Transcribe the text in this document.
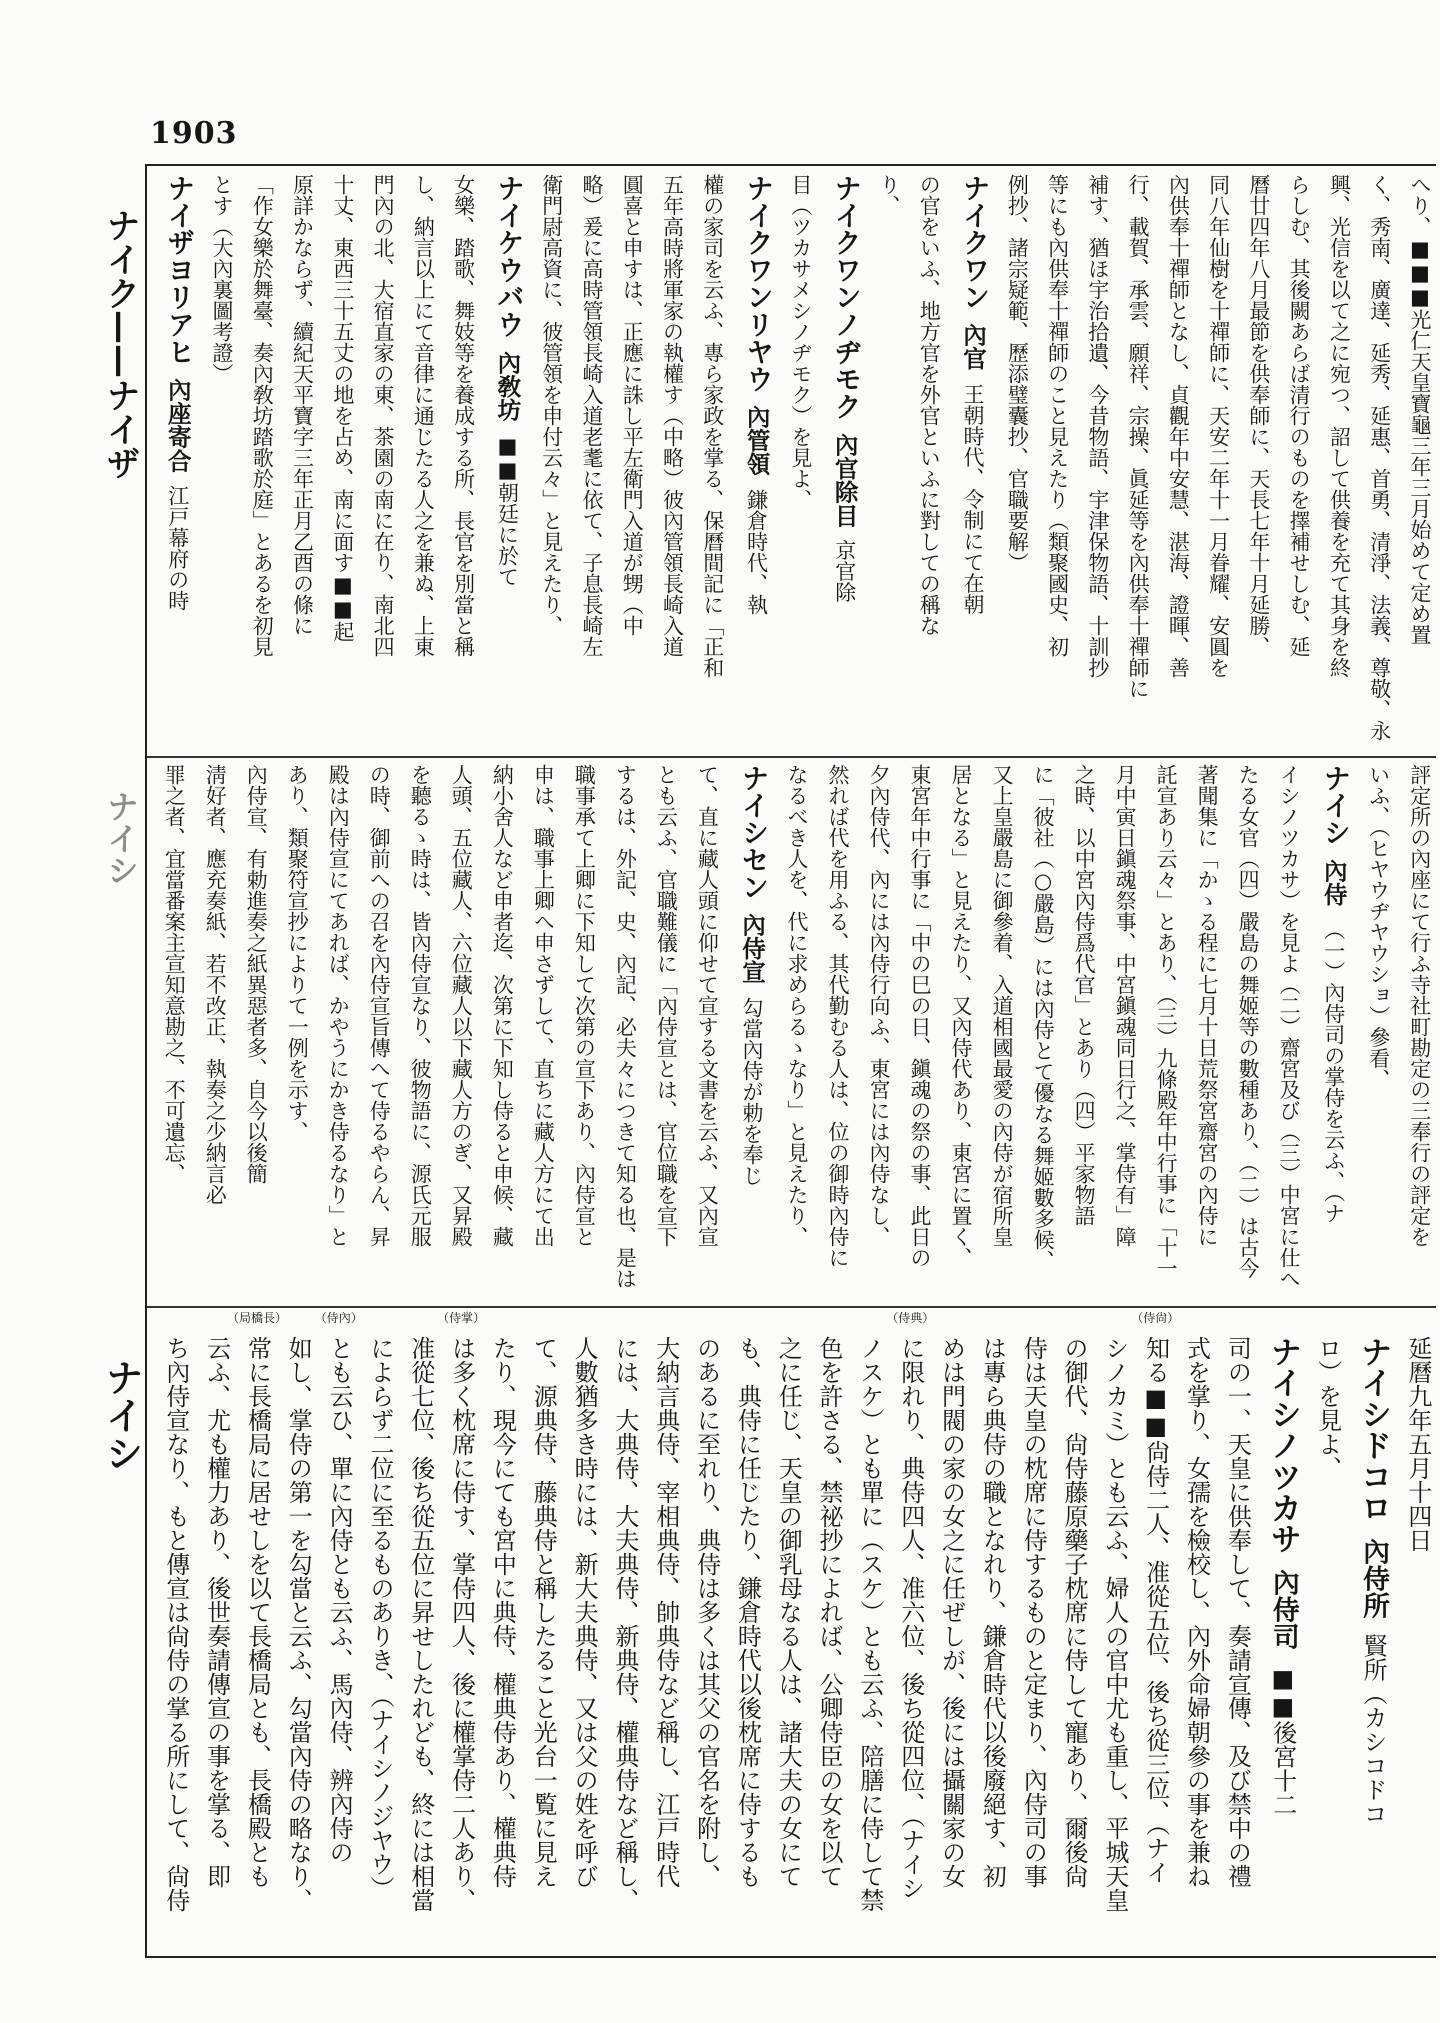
1903
ナイク——ナイザ
ナイシ
ナイシ
へり、■■■光仁天皇寶龜三年三月始めて定め置
く、秀南、廣達、延秀、延惠、首勇、清淨、法義、尊敬、永
興、光信を以て之に宛つ、詔して供養を充て其身を終
らしむ、其後闕あらば清行のものを擇補せしむ、延
曆廿四年八月最節を供奉師に、天長七年十月延勝、
同八年仙樹を十禪師に、天安二年十一月眷耀、安圓を
內供奉十禪師となし、貞觀年中安慧、湛海、證暉、善
行、載賀、承雲、願祥、宗操、眞延等を內供奉十禪師に
補す、猶ほ宇治拾遺、今昔物語、宇津保物語、十訓抄
等にも內供奉十禪師のこと見えたり（類聚國史、初
例抄、諸宗疑範、歷添璧囊抄、官職要解）
ナイクワン內官王朝時代、令制にて在朝
の官をいふ、地方官を外官といふに對しての稱な
り、
ナイクワンノヂモク內官除目京官除
目（ツカサメシノヂモク）を見よ、
ナイクワンリヤウ內管領鎌倉時代、執
權の家司を云ふ、專ら家政を掌る、保曆間記に「正和
五年高時將軍家の執權す（中略）彼內管領長崎入道
圓喜と申すは、正應に誅し平左衛門入道が甥（中
略）爰に高時管領長崎入道老耄に依て、子息長崎左
衛門尉高資に、彼管領を申付云々」と見えたり、
ナイケウバウ內敎坊■■朝廷に於て
女樂、踏歌、舞妓等を養成する所、長官を別當と稱
し、納言以上にて音律に通じたる人之を兼ぬ、上東
門內の北、大宿直家の東、茶園の南に在り、南北四
十丈、東西三十五丈の地を占め、南に面す■■起
原詳かならず、續紀天平寶字三年正月乙酉の條に
「作女樂於舞臺、奏內敎坊踏歌於庭」とあるを初見
とす（大內裏圖考證）
ナイザヨリアヒ內座寄合江戸幕府の時
評定所の內座にて行ふ寺社町勘定の三奉行の評定を
いふ、（ヒヤウヂヤウショ）參看、
ナイシ內侍（一）內侍司の掌侍を云ふ、（ナ
イシノツカサ）を見よ（二）齋宮及び（三）中宮に仕へ
たる女官（四）嚴島の舞姬等の數種あり、（二）は古今
著聞集に「かゝる程に七月十日荒祭宮齋宮の內侍に
託宣あり云々」とあり、（三）九條殿年中行事に「十一
月中寅日鎭魂祭事、中宮鎭魂同日行之、掌侍有」障
之時、以中宮內侍爲代官」とあり（四）平家物語
に「彼社（○嚴島）には內侍とて優なる舞姬數多候、
又上皇嚴島に御參着、入道相國最愛の內侍が宿所皇
居となる」と見えたり、又內侍代あり、東宮に置く、
東宮年中行事に「中の巳の日、鎭魂の祭の事、此日の
夕內侍代、內には內侍行向ふ、東宮には內侍なし、
然れば代を用ふる、其代勤むる人は、位の御時內侍に
なるべき人を、代に求めらるゝなり」と見えたり、
ナイシセン內侍宣勾當內侍が勅を奉じ
て、直に藏人頭に仰せて宣する文書を云ふ、又內宣
とも云ふ、官職難儀に「內侍宣とは、官位職を宣下
するは、外記、史、內記、必夫々につきて知る也、是は
職事承て上卿に下知して次第の宣下あり、內侍宣と
申は、職事上卿へ申さずして、直ちに藏人方にて出
納小舍人など申者迄、次第に下知し侍ると申候、藏
人頭、五位藏人、六位藏人以下藏人方のぎ、又昇殿
を聽るゝ時は、皆內侍宣なり、彼物語に、源氏元服
の時、御前への召を內侍宣旨傳へて侍るやらん、昇
殿は內侍宣にてあれば、かやうにかき侍るなり」と
あり、類聚符宣抄によりて一例を示す、
內侍宣、有勅進奏之紙異惡者多、自今以後簡
淸好者、應充奏紙、若不改正、執奏之少納言必
罪之者、宜當番案主宣知意勘之、不可遺忘、
延曆九年五月十四日
ナイシドコロ內侍所賢所（カシコドコ
ロ）を見よ、
ナイシノツカサ內侍司■■後宮十二
司の一、天皇に供奉して、奏請宣傳、及び禁中の禮
式を掌り、女孺を檢校し、內外命婦朝參の事を兼ね
（侍尙）
知る■■尙侍二人、准從五位、後ち從三位、（ナイ
シノカミ）とも云ふ、婦人の官中尤も重し、平城天皇
の御代、尙侍藤原藥子枕席に侍して寵あり、爾後尙
侍は天皇の枕席に侍するものと定まり、內侍司の事
は專ら典侍の職となれり、鎌倉時代以後廢絕す、初
めは門閥の家の女之に任ぜしが、後には攝關家の女
（侍典）
に限れり、典侍四人、准六位、後ち從四位、（ナイシ
ノスケ）とも單に（スケ）とも云ふ、陪膳に侍して禁
色を許さる、禁祕抄によれば、公卿侍臣の女を以て
之に任じ、天皇の御乳母なる人は、諸大夫の女にて
も、典侍に任じたり、鎌倉時代以後枕席に侍するも
のあるに至れり、典侍は多くは其父の官名を附し、
大納言典侍、宰相典侍、帥典侍など稱し、江戸時代
には、大典侍、大夫典侍、新典侍、權典侍など稱し、
人數猶多き時には、新大夫典侍、又は父の姓を呼び
て、源典侍、藤典侍と稱したること光台一覧に見え
たり、現今にても宮中に典侍、權典侍あり、權典侍
（侍掌）
は多く枕席に侍す、掌侍四人、後に權掌侍二人あり、
准從七位、後ち從五位に昇せしたれども、終には相當
によらず二位に至るものありき、（ナイシノジヤウ）
（侍內）
とも云ひ、單に內侍とも云ふ、馬內侍、辨內侍の
如し、掌侍の第一を勾當と云ふ、勾當內侍の略なり、
（局橋長）
常に長橋局に居せしを以て長橋局とも、長橋殿とも
云ふ、尤も權力あり、後世奏請傳宣の事を掌る、即
ち內侍宣なり、もと傳宣は尙侍の掌る所にして、尙侍
